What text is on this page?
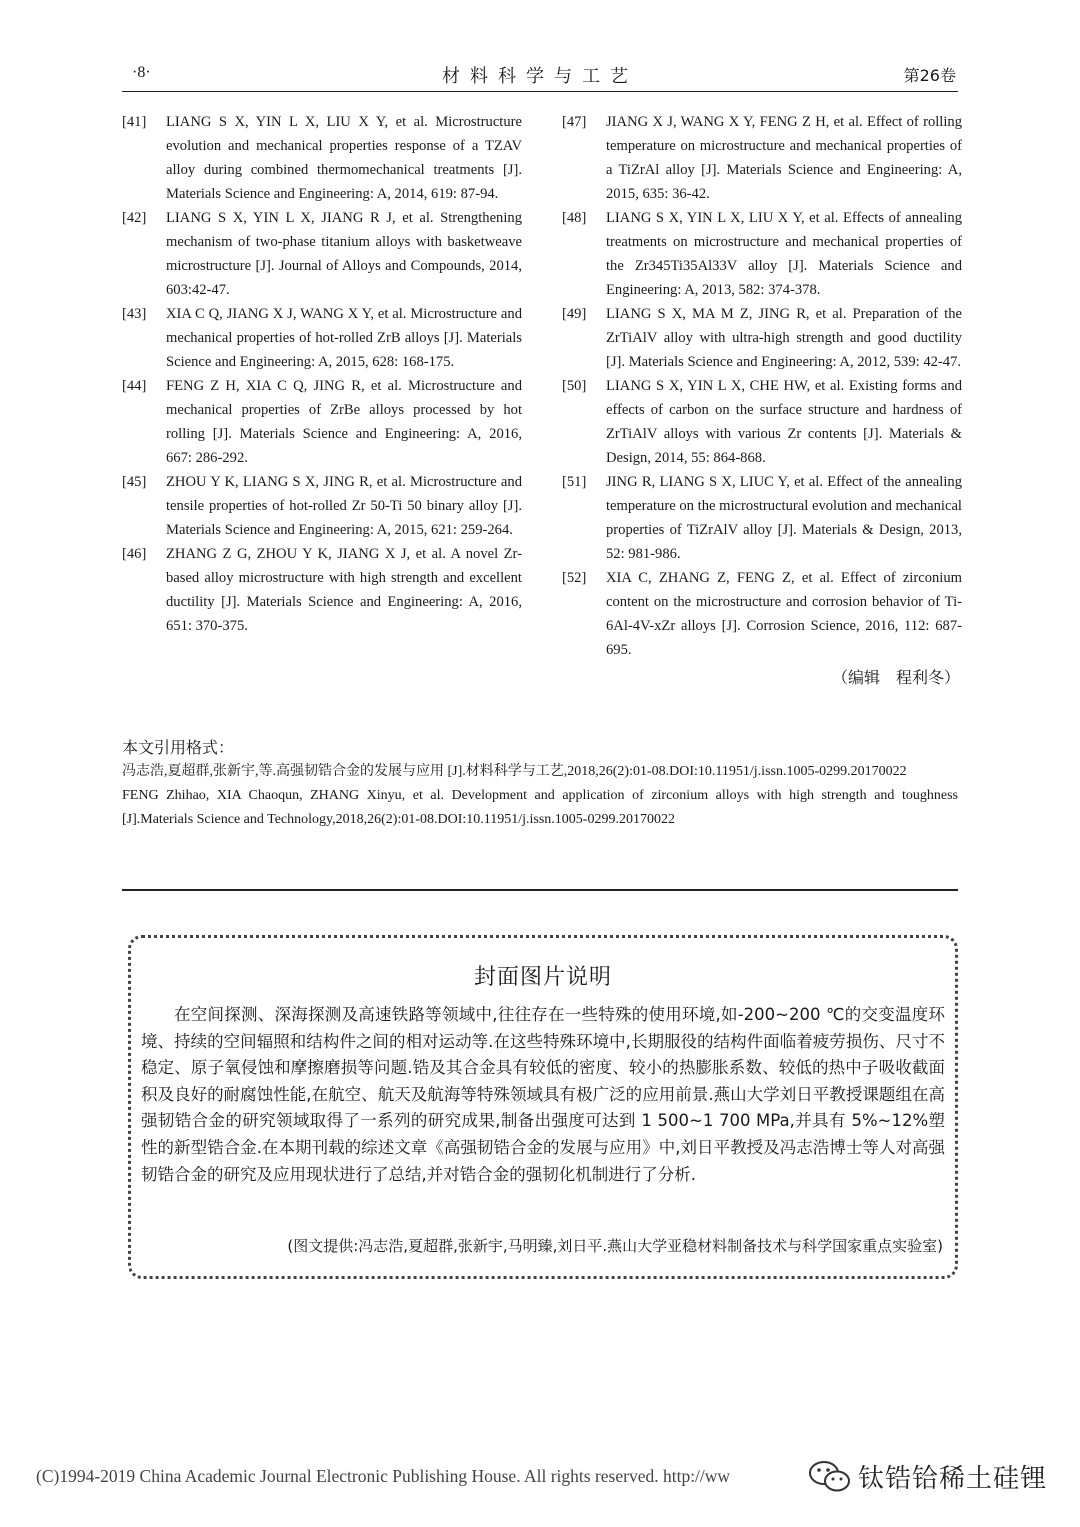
·8·	材料科学与工艺	第26卷

[41]	LIANG S X, YIN L X, LIU X Y, et al. Microstructure evolution and mechanical properties response of a TZAV alloy during combined thermomechanical treatments [J]. Materials Science and Engineering: A, 2014, 619: 87-94.

[42]	LIANG S X, YIN L X, JIANG R J, et al. Strengthening mechanism of two-phase titanium alloys with basketweave microstructure [J]. Journal of Alloys and Compounds, 2014, 603:42-47.

[43]	XIA C Q, JIANG X J, WANG X Y, et al. Microstructure and mechanical properties of hot-rolled ZrB alloys [J]. Materials Science and Engineering: A, 2015, 628: 168-175.

[44]	FENG Z H, XIA C Q, JING R, et al. Microstructure and mechanical properties of ZrBe alloys processed by hot rolling [J]. Materials Science and Engineering: A, 2016, 667: 286-292.

[45]	ZHOU Y K, LIANG S X, JING R, et al. Microstructure and tensile properties of hot-rolled Zr 50-Ti 50 binary alloy [J]. Materials Science and Engineering: A, 2015, 621: 259-264.

[46]	ZHANG Z G, ZHOU Y K, JIANG X J, et al. A novel Zr-based alloy microstructure with high strength and excellent ductility [J]. Materials Science and Engineering: A, 2016, 651: 370-375.

[47]	JIANG X J, WANG X Y, FENG Z H, et al. Effect of rolling temperature on microstructure and mechanical properties of a TiZrAl alloy [J]. Materials Science and Engineering: A, 2015, 635: 36-42.

[48]	LIANG S X, YIN L X, LIU X Y, et al. Effects of annealing treatments on microstructure and mechanical properties of the Zr345Ti35Al33V alloy [J]. Materials Science and Engineering: A, 2013, 582: 374-378.

[49]	LIANG S X, MA M Z, JING R, et al. Preparation of the ZrTiAlV alloy with ultra-high strength and good ductility [J]. Materials Science and Engineering: A, 2012, 539: 42-47.

[50]	LIANG S X, YIN L X, CHE HW, et al. Existing forms and effects of carbon on the surface structure and hardness of ZrTiAlV alloys with various Zr contents [J]. Materials & Design, 2014, 55: 864-868.

[51]	JING R, LIANG S X, LIUC Y, et al. Effect of the annealing temperature on the microstructural evolution and mechanical properties of TiZrAlV alloy [J]. Materials & Design, 2013, 52: 981-986.

[52]	XIA C, ZHANG Z, FENG Z, et al. Effect of zirconium content on the microstructure and corrosion behavior of Ti-6Al-4V-xZr alloys [J]. Corrosion Science, 2016, 112: 687-695.

（编辑　程利冬）
本文引用格式：
冯志浩,夏超群,张新宇,等.高强韧锆合金的发展与应用 [J].材料科学与工艺,2018,26(2):01-08.DOI:10.11951/j.issn.1005-0299.20170022
FENG Zhihao, XIA Chaoqun, ZHANG Xinyu, et al. Development and application of zirconium alloys with high strength and toughness [J].Materials Science and Technology,2018,26(2):01-08.DOI:10.11951/j.issn.1005-0299.20170022
封面图片说明
在空间探测、深海探测及高速铁路等领域中,往往存在一些特殊的使用环境,如-200~200 ℃的交变温度环境、持续的空间辐照和结构件之间的相对运动等.在这些特殊环境中,长期服役的结构件面临着疲劳损伤、尺寸不稳定、原子氧侵蚀和摩擦磨损等问题.锆及其合金具有较低的密度、较小的热膨胀系数、较低的热中子吸收截面积及良好的耐腐蚀性能,在航空、航天及航海等特殊领域具有极广泛的应用前景.燕山大学刘日平教授课题组在高强韧锆合金的研究领域取得了一系列的研究成果,制备出强度可达到 1 500~1 700 MPa,并具有 5%~12%塑性的新型锆合金.在本期刊载的综述文章《高强韧锆合金的发展与应用》中,刘日平教授及冯志浩博士等人对高强韧锆合金的研究及应用现状进行了总结,并对锆合金的强韧化机制进行了分析.
(图文提供:冯志浩,夏超群,张新宇,马明臻,刘日平.燕山大学亚稳材料制备技术与科学国家重点实验室)
(C)1994-2019 China Academic Journal Electronic Publishing House. All rights reserved. http://ww	钛锆铪稀土硅锂
